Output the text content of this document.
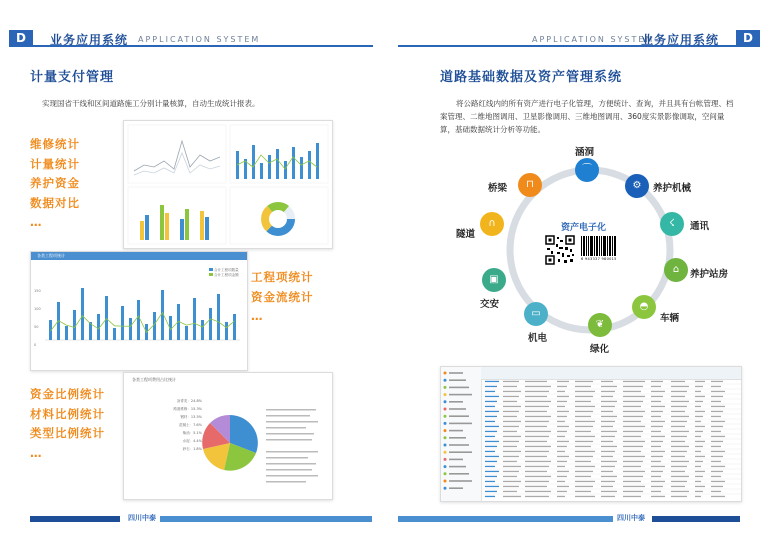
D	业务应用系统 APPLICATION SYSTEM	APPLICATION SYSTEM
业务应用系统	D
计量支付管理
实现国省干线和区间道路施工分别计量核算，自动生成统计报表。
维修统计
计量统计
养护资金
数据对比
…
各类工程项统计
合计工程项数量
合计工程项金额
150
100
50
0
工程项统计
资金流统计
…
资金比例统计
材料比例统计
类型比例统计
…
各类工程项费用占比统计
沥青类：24.8%
路面维修：15.3%
钢材：13.5%
混凝土：7.6%
柴油：5.1%
水泥：4.4%
砂石：1.8%
四川中泰
道路基础数据及资产管理系统
将公路红线内的所有资产进行电子化管理，方便统计、查询，并且具有台帐管理、档案管理、二维地图调用、卫星影像调用、三维地图调用、360度实景影像调取，空间量算，基础数据统计分析等功能。
资产电子化
6 943337 980015
⌒
涵洞
⚙	养护机械
☇	通讯
⌂	养护站房
◓
车辆
❦
绿化
▭
机电
▣
交安
∩
隧道
⊓
桥梁
四川中泰
